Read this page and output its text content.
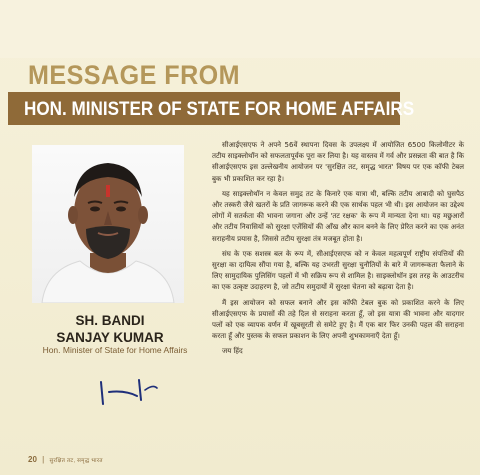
MESSAGE FROM
HON. MINISTER OF STATE FOR HOME AFFAIRS
SH. BANDI
SANJAY KUMAR
Hon. Minister of State for Home Affairs

सीआईएसएफ ने अपने 56वें स्थापना दिवस के उपलक्ष्य में आयोजित 6500 किलोमीटर के तटीय साइक्लोथॉन को सफलतापूर्वक पूरा कर लिया है। यह वास्तव में गर्व और प्रसन्नता की बात है कि सीआईएसएफ इस उल्लेखनीय आयोजन पर 'सुरक्षित तट, समृद्ध भारत' विषय पर एक कॉफी टेबल बुक भी प्रकाशित कर रहा है।

यह साइक्लोथॉन न केवल समुद्र तट के किनारे एक यात्रा थी, बल्कि तटीय आबादी को घुसपैठ और तस्करी जैसे खतरों के प्रति जागरूक करने की एक सार्थक पहल भी थी। इस आयोजन का उद्देश्य लोगों में सतर्कता की भावना जगाना और उन्हें 'तट रक्षक' के रूप में मान्यता देना था। यह मछुआरों और तटीय निवासियों को सुरक्षा एजेंसियों की आँख और कान बनने के लिए प्रेरित करने का एक अनंत सराहनीय प्रयास है, जिससे तटीय सुरक्षा तंत्र मजबूत होता है।

संघ के एक सशस्त्र बल के रूप में, सीआईएसएफ को न केवल महत्वपूर्ण राष्ट्रीय संपत्तियों की सुरक्षा का दायित्व सौंपा गया है, बल्कि यह उभरती सुरक्षा चुनौतियों के बारे में जागरूकता फैलाने के लिए सामुदायिक पुलिसिंग पहलों में भी सक्रिय रूप से शामिल है। साइक्लोथॉन इस तरह के आउटरीच का एक उत्कृष्ट उदाहरण है, जो तटीय समुदायों में सुरक्षा चेतना को बढ़ावा देता है।

मैं इस आयोजन को सफल बनाने और इस कॉफी टेबल बुक को प्रकाशित करने के लिए सीआईएसएफ के प्रयासों की तहे दिल से सराहना करता हूँ, जो इस यात्रा की भावना और यादगार पलों को एक व्यापक वर्णन में खूबसूरती से समेटे हुए है। मैं एक बार फिर उनकी पहल की सराहना करता हूँ और पुस्तक के सफल प्रकाशन के लिए अपनी शुभकामनाएँ देता हूँ।

जय हिंद

20 | सुरक्षित तट, समृद्ध भारत
